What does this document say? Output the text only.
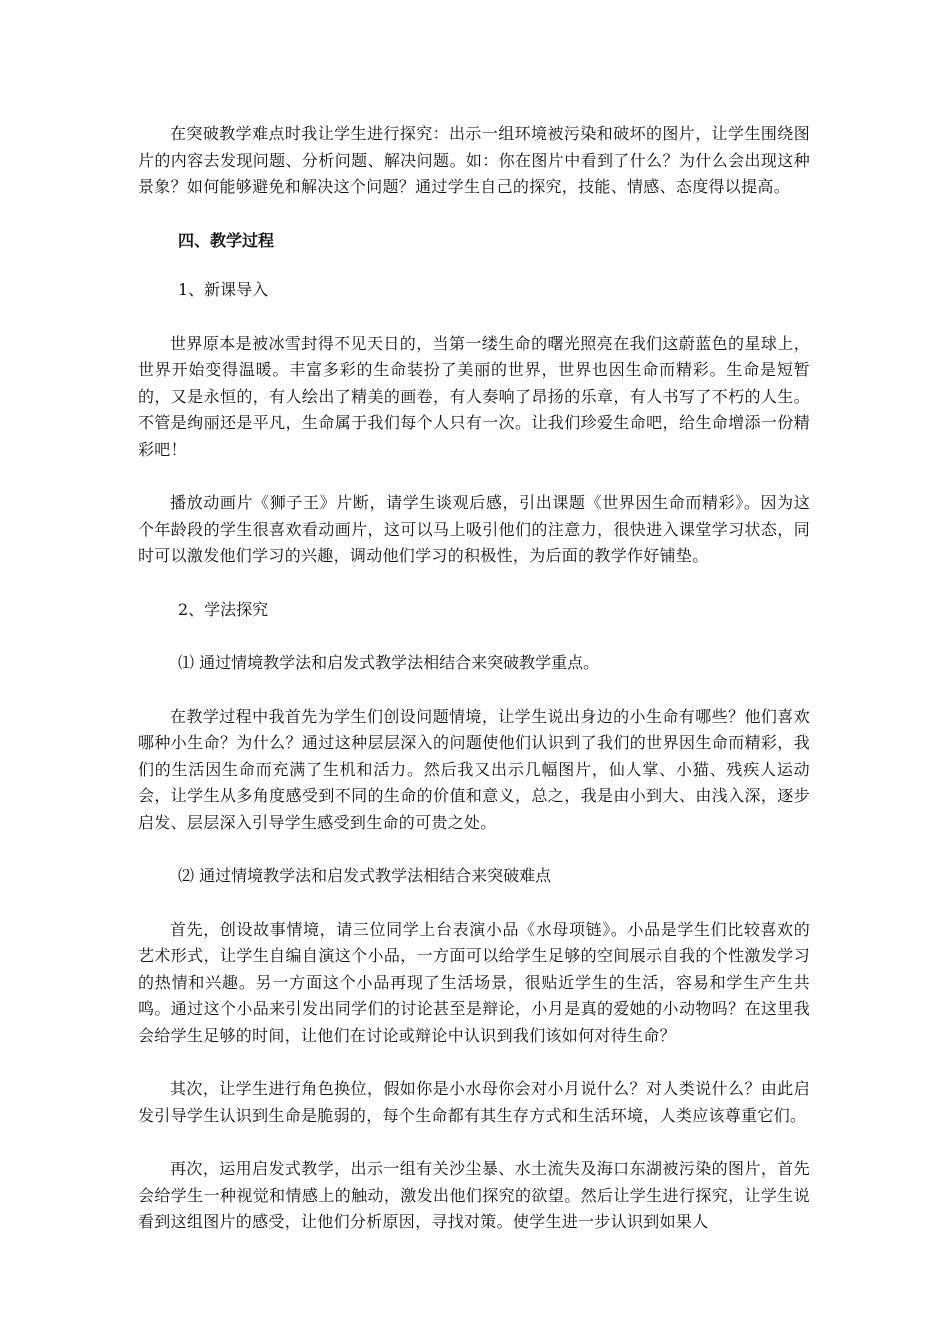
在突破教学难点时我让学生进行探究：出示一组环境被污染和破坏的图片，让学生围绕图片的内容去发现问题、分析问题、解决问题。如：你在图片中看到了什么？为什么会出现这种景象？如何能够避免和解决这个问题？通过学生自己的探究，技能、情感、态度得以提高。

四、教学过程

1、新课导入

世界原本是被冰雪封得不见天日的，当第一缕生命的曙光照亮在我们这蔚蓝色的星球上，世界开始变得温暖。丰富多彩的生命装扮了美丽的世界，世界也因生命而精彩。生命是短暂的，又是永恒的，有人绘出了精美的画卷，有人奏响了昂扬的乐章，有人书写了不朽的人生。不管是绚丽还是平凡，生命属于我们每个人只有一次。让我们珍爱生命吧，给生命增添一份精彩吧！

播放动画片《狮子王》片断，请学生谈观后感，引出课题《世界因生命而精彩》。因为这个年龄段的学生很喜欢看动画片，这可以马上吸引他们的注意力，很快进入课堂学习状态，同时可以激发他们学习的兴趣，调动他们学习的积极性，为后面的教学作好铺垫。

2、学法探究

⑴ 通过情境教学法和启发式教学法相结合来突破教学重点。

在教学过程中我首先为学生们创设问题情境，让学生说出身边的小生命有哪些？他们喜欢哪种小生命？为什么？通过这种层层深入的问题使他们认识到了我们的世界因生命而精彩，我们的生活因生命而充满了生机和活力。然后我又出示几幅图片，仙人掌、小猫、残疾人运动会，让学生从多角度感受到不同的生命的价值和意义，总之，我是由小到大、由浅入深，逐步启发、层层深入引导学生感受到生命的可贵之处。

⑵ 通过情境教学法和启发式教学法相结合来突破难点

首先，创设故事情境，请三位同学上台表演小品《水母项链》。小品是学生们比较喜欢的艺术形式，让学生自编自演这个小品，一方面可以给学生足够的空间展示自我的个性激发学习的热情和兴趣。另一方面这个小品再现了生活场景，很贴近学生的生活，容易和学生产生共鸣。通过这个小品来引发出同学们的讨论甚至是辩论，小月是真的爱她的小动物吗？在这里我会给学生足够的时间，让他们在讨论或辩论中认识到我们该如何对待生命？

其次，让学生进行角色换位，假如你是小水母你会对小月说什么？对人类说什么？由此启发引导学生认识到生命是脆弱的，每个生命都有其生存方式和生活环境，人类应该尊重它们。

再次，运用启发式教学，出示一组有关沙尘暴、水土流失及海口东湖被污染的图片，首先会给学生一种视觉和情感上的触动，激发出他们探究的欲望。然后让学生进行探究，让学生说看到这组图片的感受，让他们分析原因，寻找对策。使学生进一步认识到如果人
